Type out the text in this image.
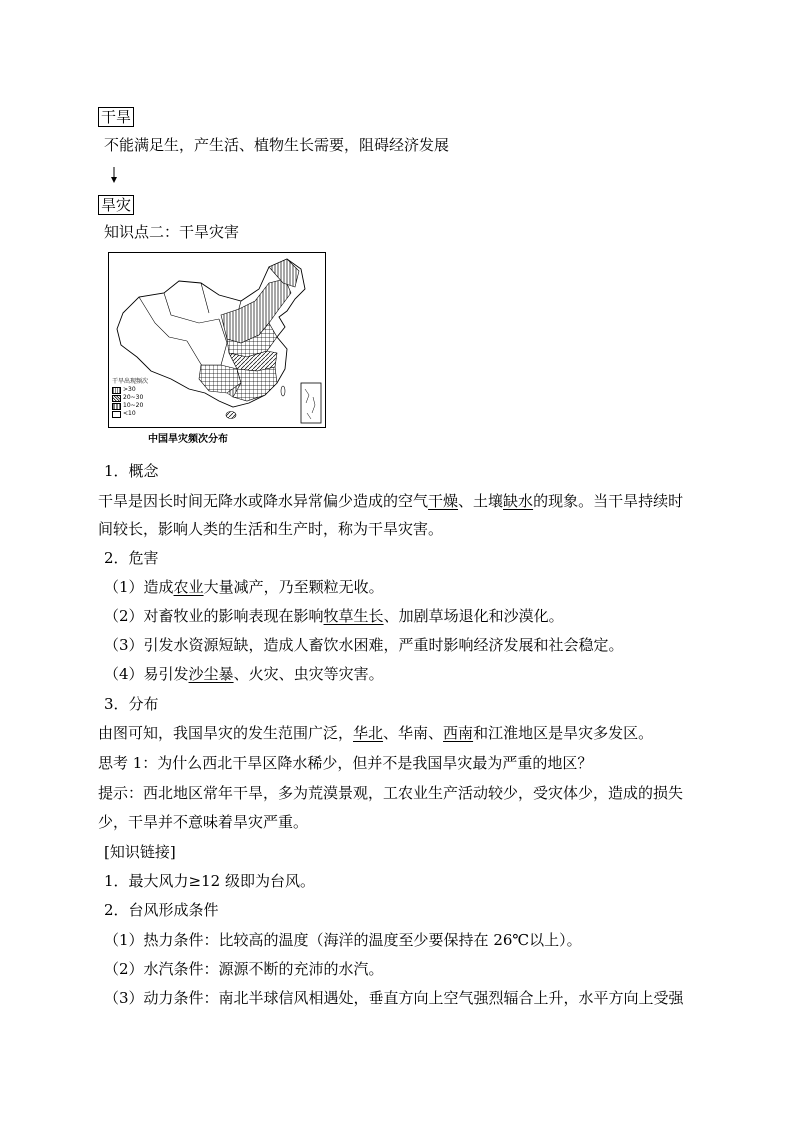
干旱
不能满足生，产生活、植物生长需要，阻碍经济发展
旱灾
知识点二：干旱灾害
干旱出现频次
>30
20~30
10~20
<10
中国旱灾频次分布
1．概念
干旱是因长时间无降水或降水异常偏少造成的空气干燥、土壤缺水的现象。当干旱持续时
间较长，影响人类的生活和生产时，称为干旱灾害。
2．危害
（1）造成农业大量减产，乃至颗粒无收。
（2）对畜牧业的影响表现在影响牧草生长、加剧草场退化和沙漠化。
（3）引发水资源短缺，造成人畜饮水困难，严重时影响经济发展和社会稳定。
（4）易引发沙尘暴、火灾、虫灾等灾害。
3．分布
由图可知，我国旱灾的发生范围广泛，华北、华南、西南和江淮地区是旱灾多发区。
思考 1：为什么西北干旱区降水稀少，但并不是我国旱灾最为严重的地区？
提示：西北地区常年干旱，多为荒漠景观，工农业生产活动较少，受灾体少，造成的损失
少，干旱并不意味着旱灾严重。
[知识链接]
1．最大风力≥12 级即为台风。
2．台风形成条件
（1）热力条件：比较高的温度（海洋的温度至少要保持在 26℃以上）。
（2）水汽条件：源源不断的充沛的水汽。
（3）动力条件：南北半球信风相遇处，垂直方向上空气强烈辐合上升，水平方向上受强
